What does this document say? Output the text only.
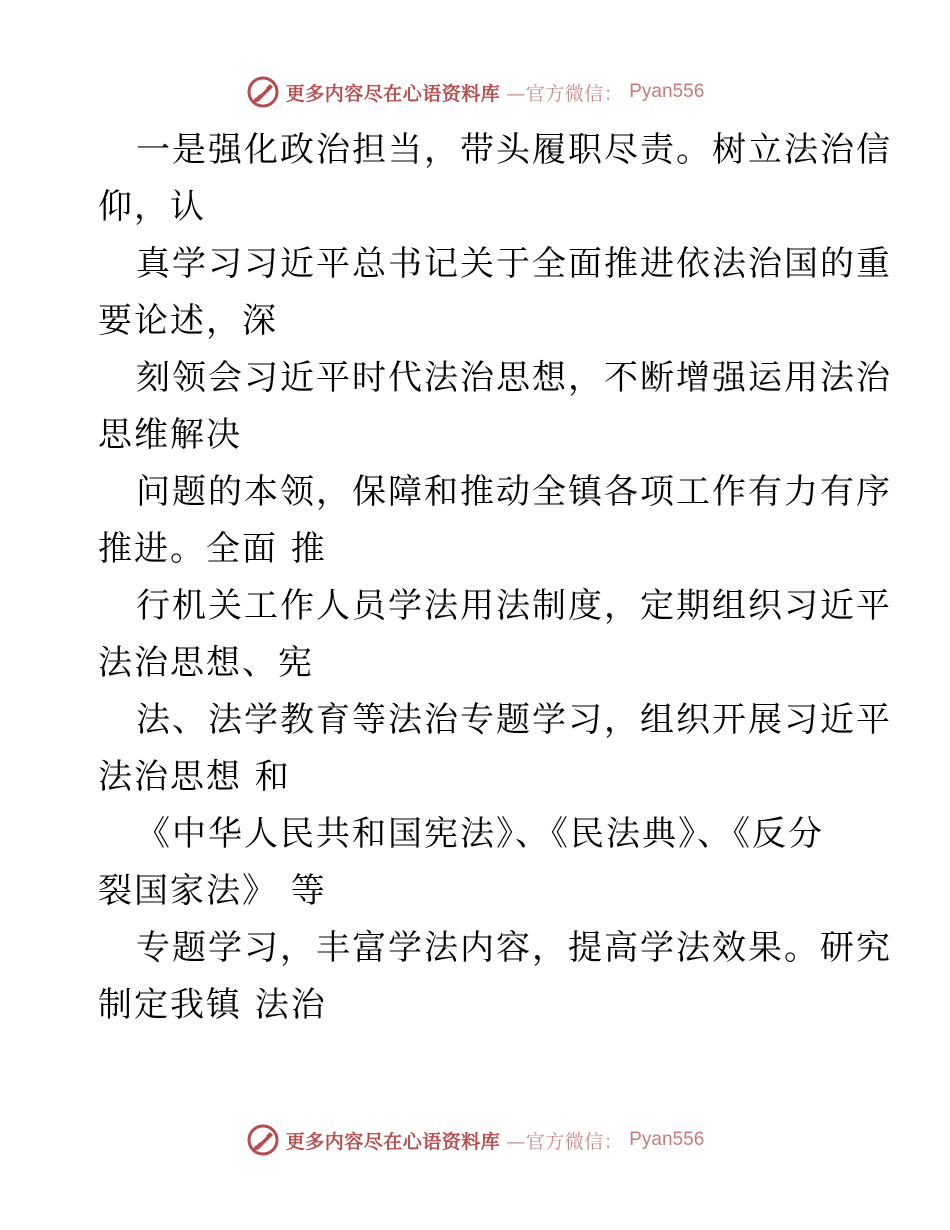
更多内容尽在心语资料库 —官方微信： Pyan556
一是强化政治担当，带头履职尽责。树立法治信
仰，认
真学习习近平总书记关于全面推进依法治国的重
要论述，深
刻领会习近平时代法治思想，不断增强运用法治
思维解决
问题的本领，保障和推动全镇各项工作有力有序
推进。全面 推
行机关工作人员学法用法制度，定期组织习近平
法治思想、宪
法、法学教育等法治专题学习，组织开展习近平
法治思想 和
《中华人民共和国宪法》、《民法典》、《反分
裂国家法》 等
专题学习，丰富学法内容，提高学法效果。研究
制定我镇 法治
更多内容尽在心语资料库 —官方微信： Pyan556
